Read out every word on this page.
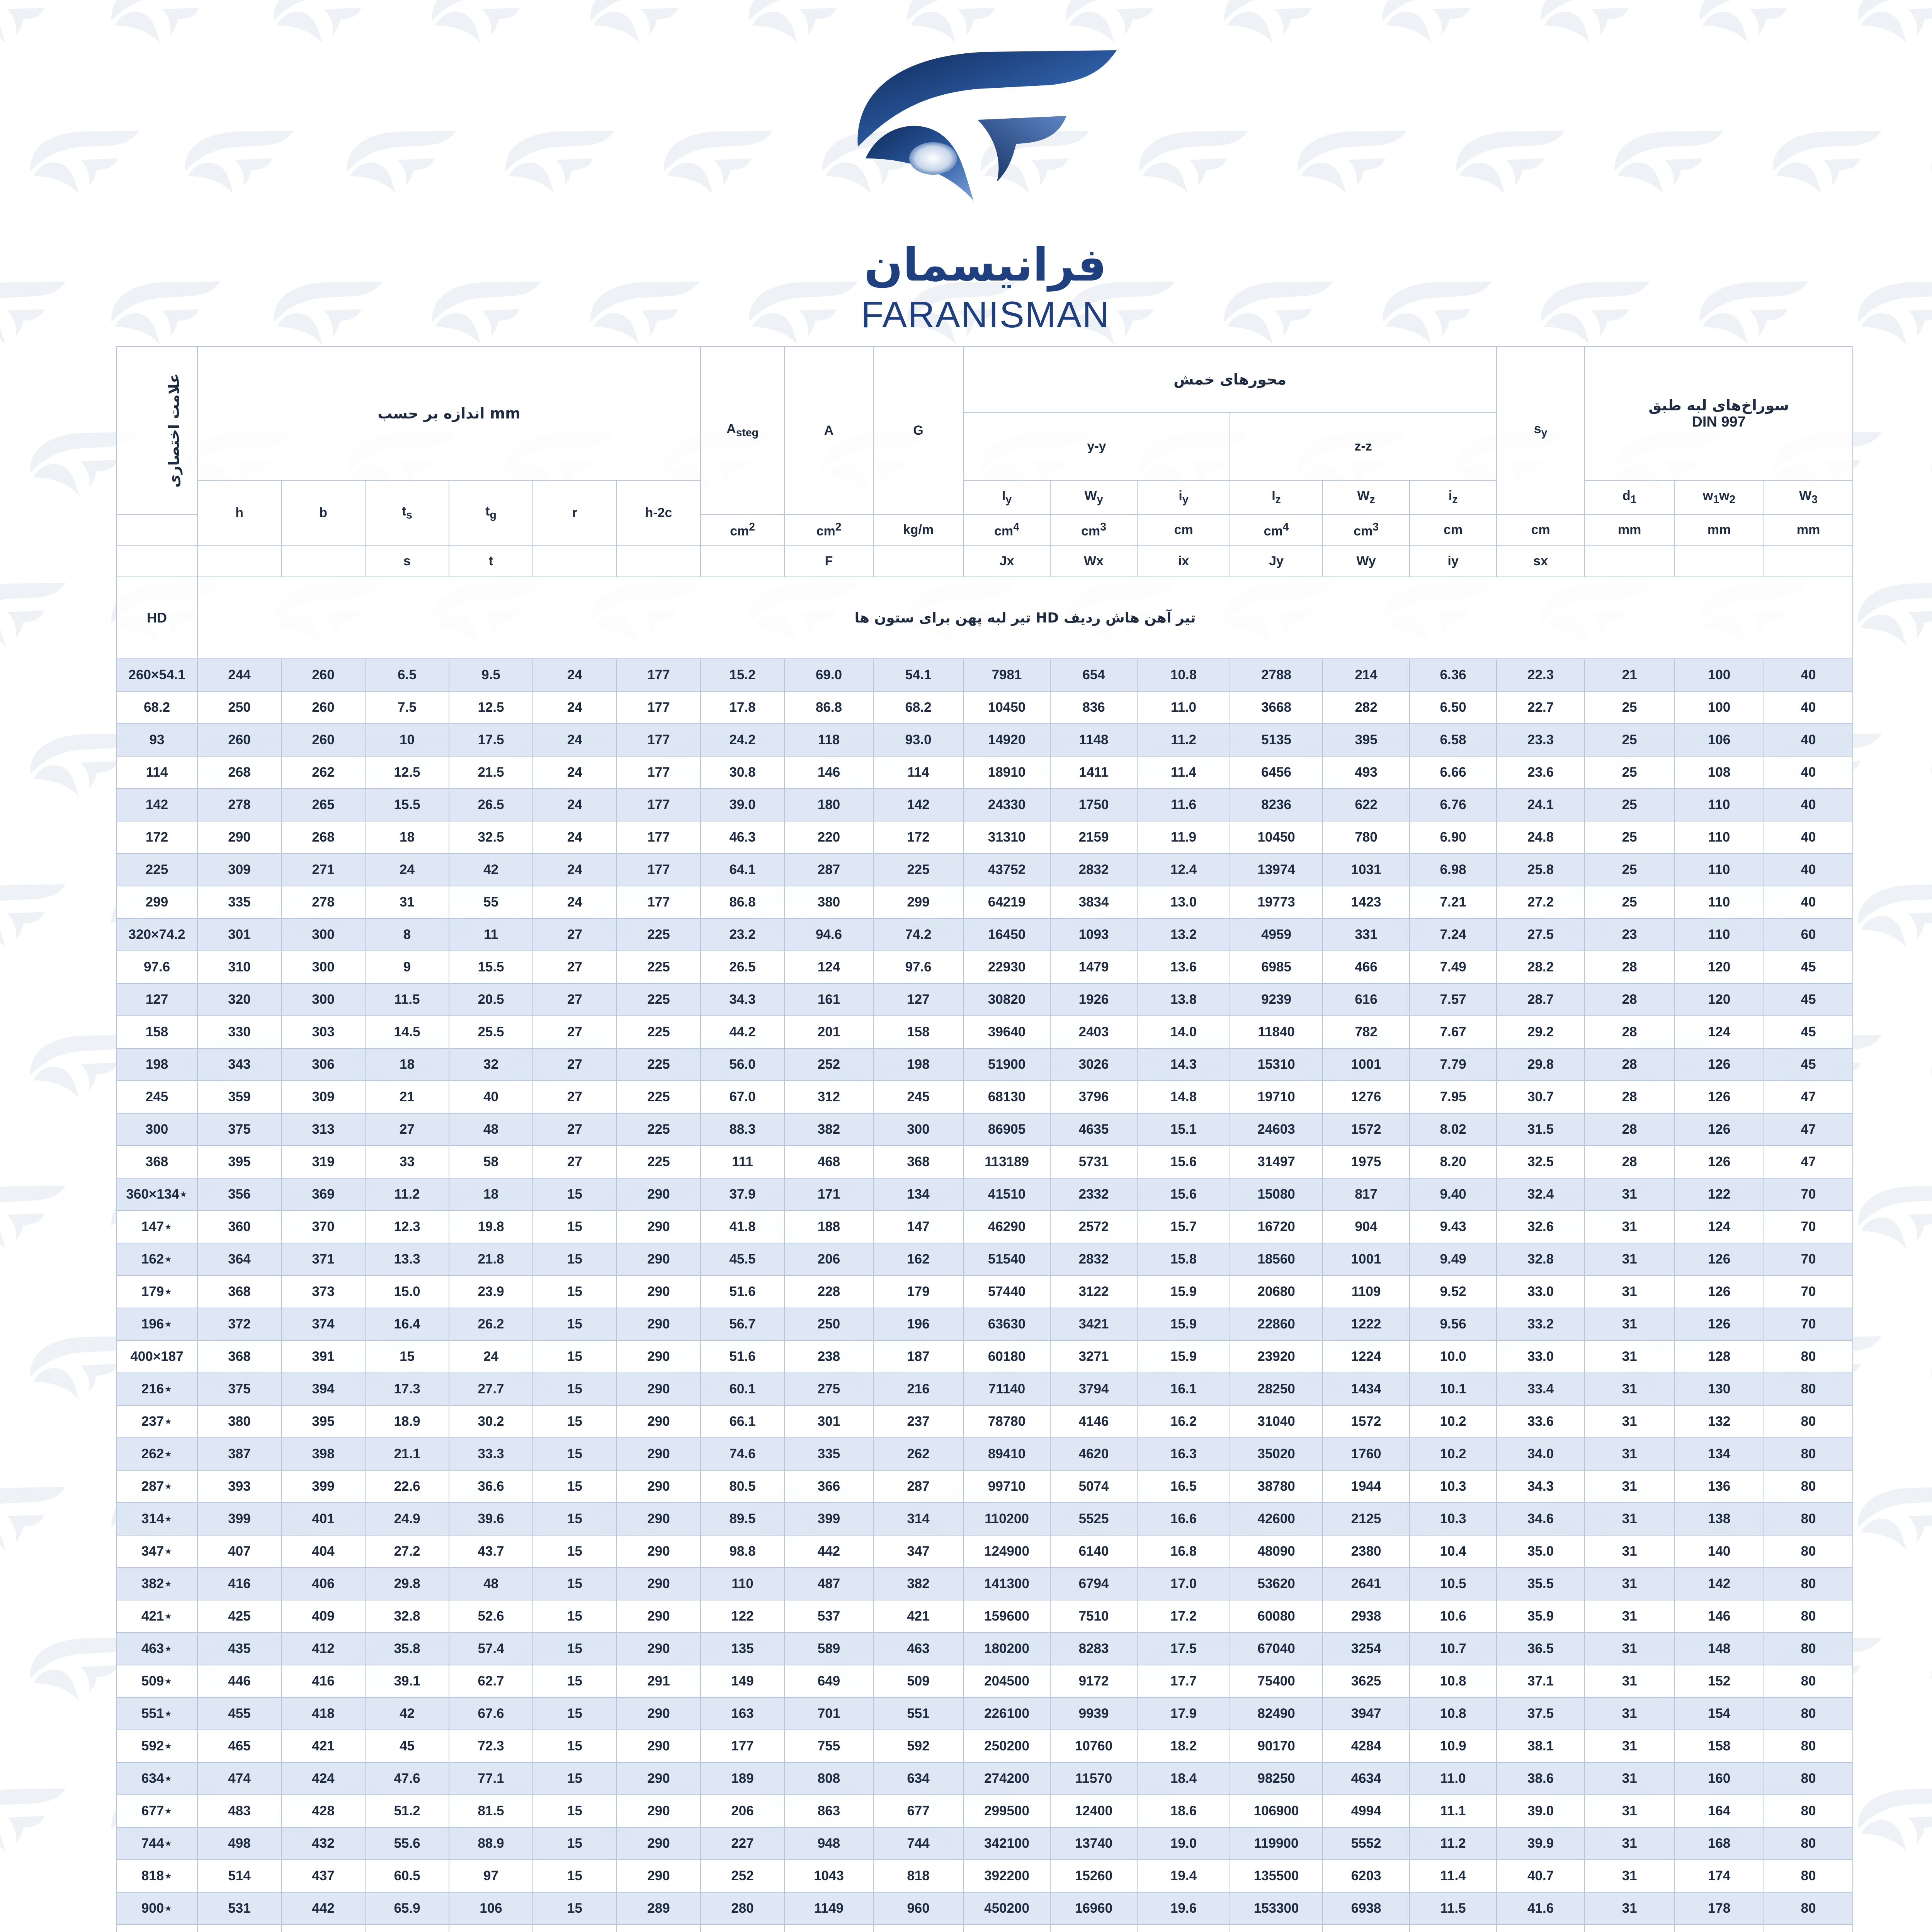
فرانیسمان
FARANISMAN
علامت اختصاری	اندازه بر حسب mm						$A_{steg}$	A	G	محورهای خمش						$s_y$	سوراخ‌های لبه طبق
DIN 997		

										y-y			z-z						
	h	b	$t_s$	$t_g$	r	h-2c				$I_y$	$W_y$	$i_y$	$I_z$	$W_z$	$i_z$		$d_1$	$w_1w_2$	$W_3$
							$cm^2$	$cm^2$	kg/m	$cm^4$	$cm^3$	cm	$cm^4$	$cm^3$	cm	cm	mm	mm	mm
			s	t				F		Jx	Wx	ix	Jy	Wy	iy	sx			
HD	تیر آهن هاش ردیف HD تیر لبه پهن برای ستون ها																		
260×54.1	244	260	6.5	9.5	24	177	15.2	69.0	54.1	7981	654	10.8	2788	214	6.36	22.3	21	100	40
68.2	250	260	7.5	12.5	24	177	17.8	86.8	68.2	10450	836	11.0	3668	282	6.50	22.7	25	100	40
93	260	260	10	17.5	24	177	24.2	118	93.0	14920	1148	11.2	5135	395	6.58	23.3	25	106	40
114	268	262	12.5	21.5	24	177	30.8	146	114	18910	1411	11.4	6456	493	6.66	23.6	25	108	40
142	278	265	15.5	26.5	24	177	39.0	180	142	24330	1750	11.6	8236	622	6.76	24.1	25	110	40
172	290	268	18	32.5	24	177	46.3	220	172	31310	2159	11.9	10450	780	6.90	24.8	25	110	40
225	309	271	24	42	24	177	64.1	287	225	43752	2832	12.4	13974	1031	6.98	25.8	25	110	40
299	335	278	31	55	24	177	86.8	380	299	64219	3834	13.0	19773	1423	7.21	27.2	25	110	40
320×74.2	301	300	8	11	27	225	23.2	94.6	74.2	16450	1093	13.2	4959	331	7.24	27.5	23	110	60
97.6	310	300	9	15.5	27	225	26.5	124	97.6	22930	1479	13.6	6985	466	7.49	28.2	28	120	45
127	320	300	11.5	20.5	27	225	34.3	161	127	30820	1926	13.8	9239	616	7.57	28.7	28	120	45
158	330	303	14.5	25.5	27	225	44.2	201	158	39640	2403	14.0	11840	782	7.67	29.2	28	124	45
198	343	306	18	32	27	225	56.0	252	198	51900	3026	14.3	15310	1001	7.79	29.8	28	126	45
245	359	309	21	40	27	225	67.0	312	245	68130	3796	14.8	19710	1276	7.95	30.7	28	126	47
300	375	313	27	48	27	225	88.3	382	300	86905	4635	15.1	24603	1572	8.02	31.5	28	126	47
368	395	319	33	58	27	225	111	468	368	113189	5731	15.6	31497	1975	8.20	32.5	28	126	47
360×134⋆	356	369	11.2	18	15	290	37.9	171	134	41510	2332	15.6	15080	817	9.40	32.4	31	122	70
147⋆	360	370	12.3	19.8	15	290	41.8	188	147	46290	2572	15.7	16720	904	9.43	32.6	31	124	70
162⋆	364	371	13.3	21.8	15	290	45.5	206	162	51540	2832	15.8	18560	1001	9.49	32.8	31	126	70
179⋆	368	373	15.0	23.9	15	290	51.6	228	179	57440	3122	15.9	20680	1109	9.52	33.0	31	126	70
196⋆	372	374	16.4	26.2	15	290	56.7	250	196	63630	3421	15.9	22860	1222	9.56	33.2	31	126	70
400×187	368	391	15	24	15	290	51.6	238	187	60180	3271	15.9	23920	1224	10.0	33.0	31	128	80
216⋆	375	394	17.3	27.7	15	290	60.1	275	216	71140	3794	16.1	28250	1434	10.1	33.4	31	130	80
237⋆	380	395	18.9	30.2	15	290	66.1	301	237	78780	4146	16.2	31040	1572	10.2	33.6	31	132	80
262⋆	387	398	21.1	33.3	15	290	74.6	335	262	89410	4620	16.3	35020	1760	10.2	34.0	31	134	80
287⋆	393	399	22.6	36.6	15	290	80.5	366	287	99710	5074	16.5	38780	1944	10.3	34.3	31	136	80
314⋆	399	401	24.9	39.6	15	290	89.5	399	314	110200	5525	16.6	42600	2125	10.3	34.6	31	138	80
347⋆	407	404	27.2	43.7	15	290	98.8	442	347	124900	6140	16.8	48090	2380	10.4	35.0	31	140	80
382⋆	416	406	29.8	48	15	290	110	487	382	141300	6794	17.0	53620	2641	10.5	35.5	31	142	80
421⋆	425	409	32.8	52.6	15	290	122	537	421	159600	7510	17.2	60080	2938	10.6	35.9	31	146	80
463⋆	435	412	35.8	57.4	15	290	135	589	463	180200	8283	17.5	67040	3254	10.7	36.5	31	148	80
509⋆	446	416	39.1	62.7	15	291	149	649	509	204500	9172	17.7	75400	3625	10.8	37.1	31	152	80
551⋆	455	418	42	67.6	15	290	163	701	551	226100	9939	17.9	82490	3947	10.8	37.5	31	154	80
592⋆	465	421	45	72.3	15	290	177	755	592	250200	10760	18.2	90170	4284	10.9	38.1	31	158	80
634⋆	474	424	47.6	77.1	15	290	189	808	634	274200	11570	18.4	98250	4634	11.0	38.6	31	160	80
677⋆	483	428	51.2	81.5	15	290	206	863	677	299500	12400	18.6	106900	4994	11.1	39.0	31	164	80
744⋆	498	432	55.6	88.9	15	290	227	948	744	342100	13740	19.0	119900	5552	11.2	39.9	31	168	80
818⋆	514	437	60.5	97	15	290	252	1043	818	392200	15260	19.4	135500	6203	11.4	40.7	31	174	80
900⋆	531	442	65.9	106	15	289	280	1149	960	450200	16960	19.6	153300	6938	11.5	41.6	31	178	80
